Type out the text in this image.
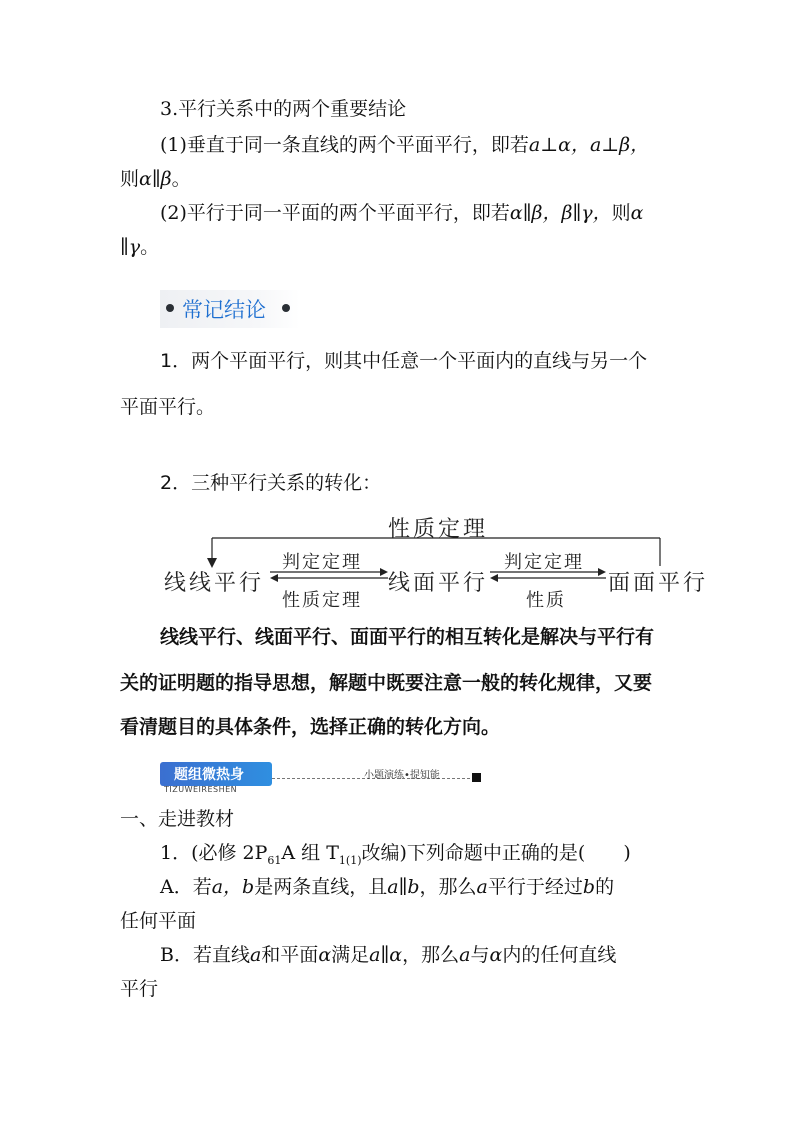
3.平行关系中的两个重要结论
(1)垂直于同一条直线的两个平面平行，即若a⊥α，a⊥β，
则α∥β。
(2)平行于同一平面的两个平面平行，即若α∥β，β∥γ，则α
∥γ。
常记结论
1．两个平面平行，则其中任意一个平面内的直线与另一个
平面平行。
2．三种平行关系的转化：
性质定理
线线平行	线面平行	面面平行
判定定理
性质定理
判定定理
性质
线线平行、线面平行、面面平行的相互转化是解决与平行有
关的证明题的指导思想，解题中既要注意一般的转化规律，又要
看清题目的具体条件，选择正确的转化方向。
题组微热身
TIZUWEIRESHEN
小题演练•提知能
一、走进教材
1．(必修 $2P_{61}A$ 组 $T_{1(1)}$改编)下列命题中正确的是(　　)
A．若a，b是两条直线，且a∥b，那么a平行于经过b的
任何平面
B．若直线a和平面α满足a∥α，那么a与α内的任何直线
平行
